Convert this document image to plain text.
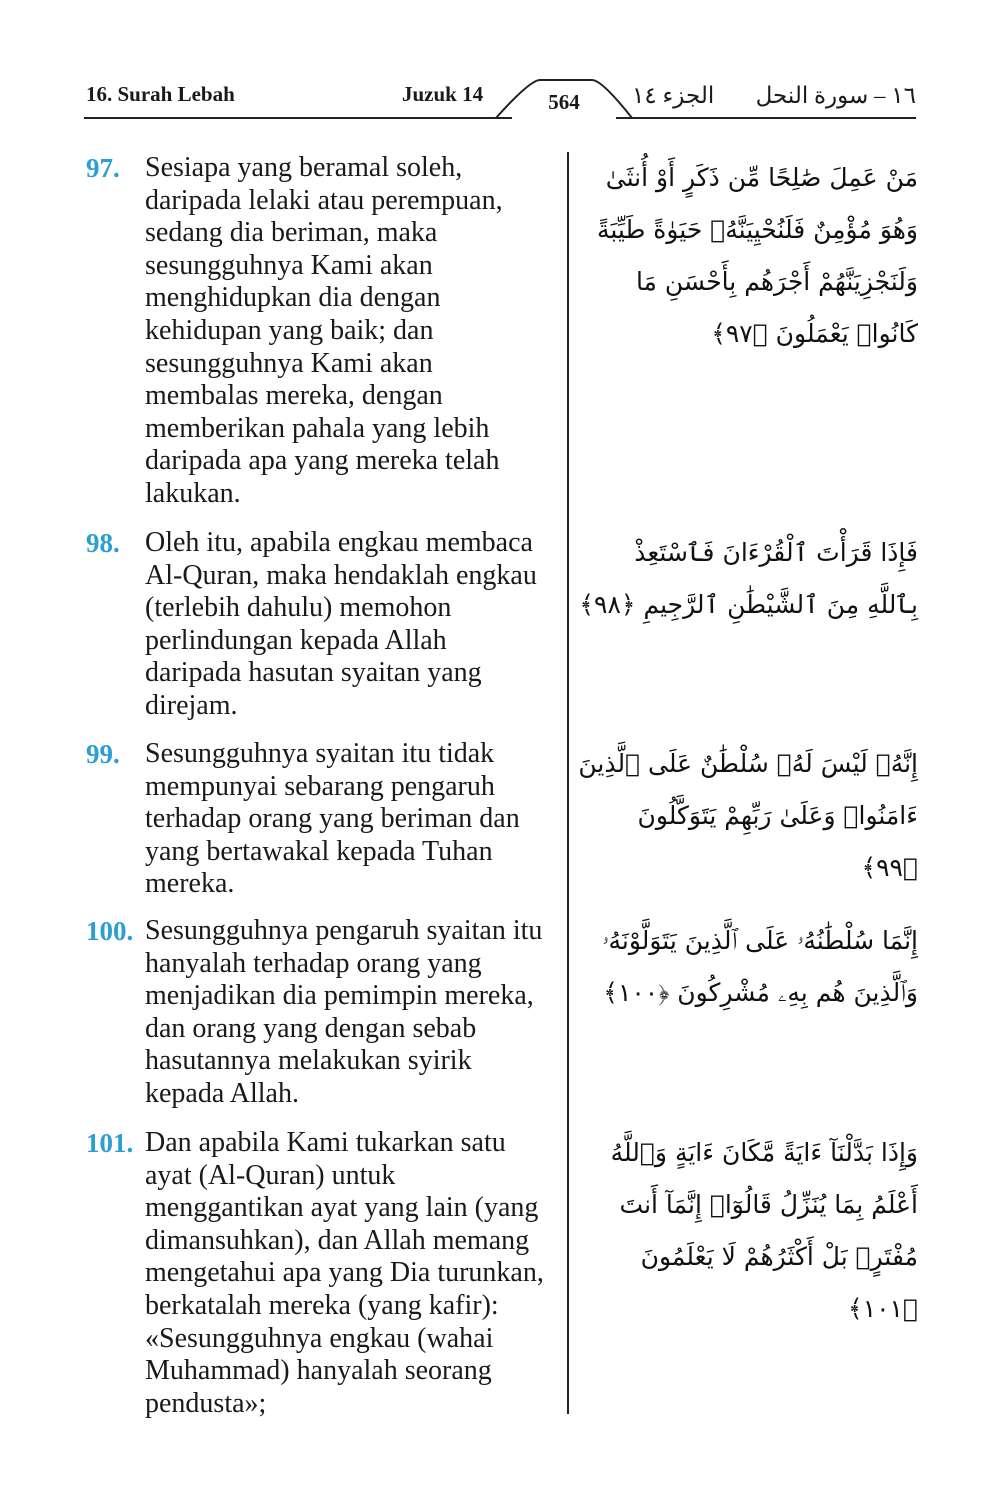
16. Surah Lebah	Juzuk 14	564	الجزء ١٤ ١٦ – سورة النحل
97. Sesiapa yang beramal soleh, daripada lelaki atau perempuan, sedang dia beriman, maka sesungguhnya Kami akan menghidupkan dia dengan kehidupan yang baik; dan sesungguhnya Kami akan membalas mereka, dengan memberikan pahala yang lebih daripada apa yang mereka telah lakukan.
مَنْ عَمِلَ صَٰلِحًا مِّن ذَكَرٍ أَوْ أُنثَىٰ وَهُوَ مُؤْمِنٌ فَلَنُحْيِيَنَّهُۥ حَيَوٰةً طَيِّبَةً وَلَنَجْزِيَنَّهُمْ أَجْرَهُم بِأَحْسَنِ مَا كَانُوا۟ يَعْمَلُونَ ﴿٩٧﴾
98. Oleh itu, apabila engkau membaca Al-Quran, maka hendaklah engkau (terlebih dahulu) memohon perlindungan kepada Allah daripada hasutan syaitan yang direjam.
فَإِذَا قَرَأْتَ ٱلْقُرْءَانَ فَٱسْتَعِذْ بِٱللَّهِ مِنَ ٱلشَّيْطَٰنِ ٱلرَّجِيمِ ﴿٩٨﴾
99. Sesungguhnya syaitan itu tidak mempunyai sebarang pengaruh terhadap orang yang beriman dan yang bertawakal kepada Tuhan mereka.
إِنَّهُۥ لَيْسَ لَهُۥ سُلْطَٰنٌ عَلَى ٱلَّذِينَ ءَامَنُوا۟ وَعَلَىٰ رَبِّهِمْ يَتَوَكَّلُونَ ﴿٩٩﴾
100. Sesungguhnya pengaruh syaitan itu hanyalah terhadap orang yang menjadikan dia pemimpin mereka, dan orang yang dengan sebab hasutannya melakukan syirik kepada Allah.
إِنَّمَا سُلْطَٰنُهُۥ عَلَى ٱلَّذِينَ يَتَوَلَّوْنَهُۥ وَٱلَّذِينَ هُم بِهِۦ مُشْرِكُونَ ﴿١٠٠﴾
101. Dan apabila Kami tukarkan satu ayat (Al-Quran) untuk menggantikan ayat yang lain (yang dimansuhkan), dan Allah memang mengetahui apa yang Dia turunkan, berkatalah mereka (yang kafir): «Sesungguhnya engkau (wahai Muhammad) hanyalah seorang pendusta»;
وَإِذَا بَدَّلْنَآ ءَايَةً مَّكَانَ ءَايَةٍ وَٱللَّهُ أَعْلَمُ بِمَا يُنَزِّلُ قَالُوٓا۟ إِنَّمَآ أَنتَ مُفْتَرٍۭ بَلْ أَكْثَرُهُمْ لَا يَعْلَمُونَ ﴿١٠١﴾
